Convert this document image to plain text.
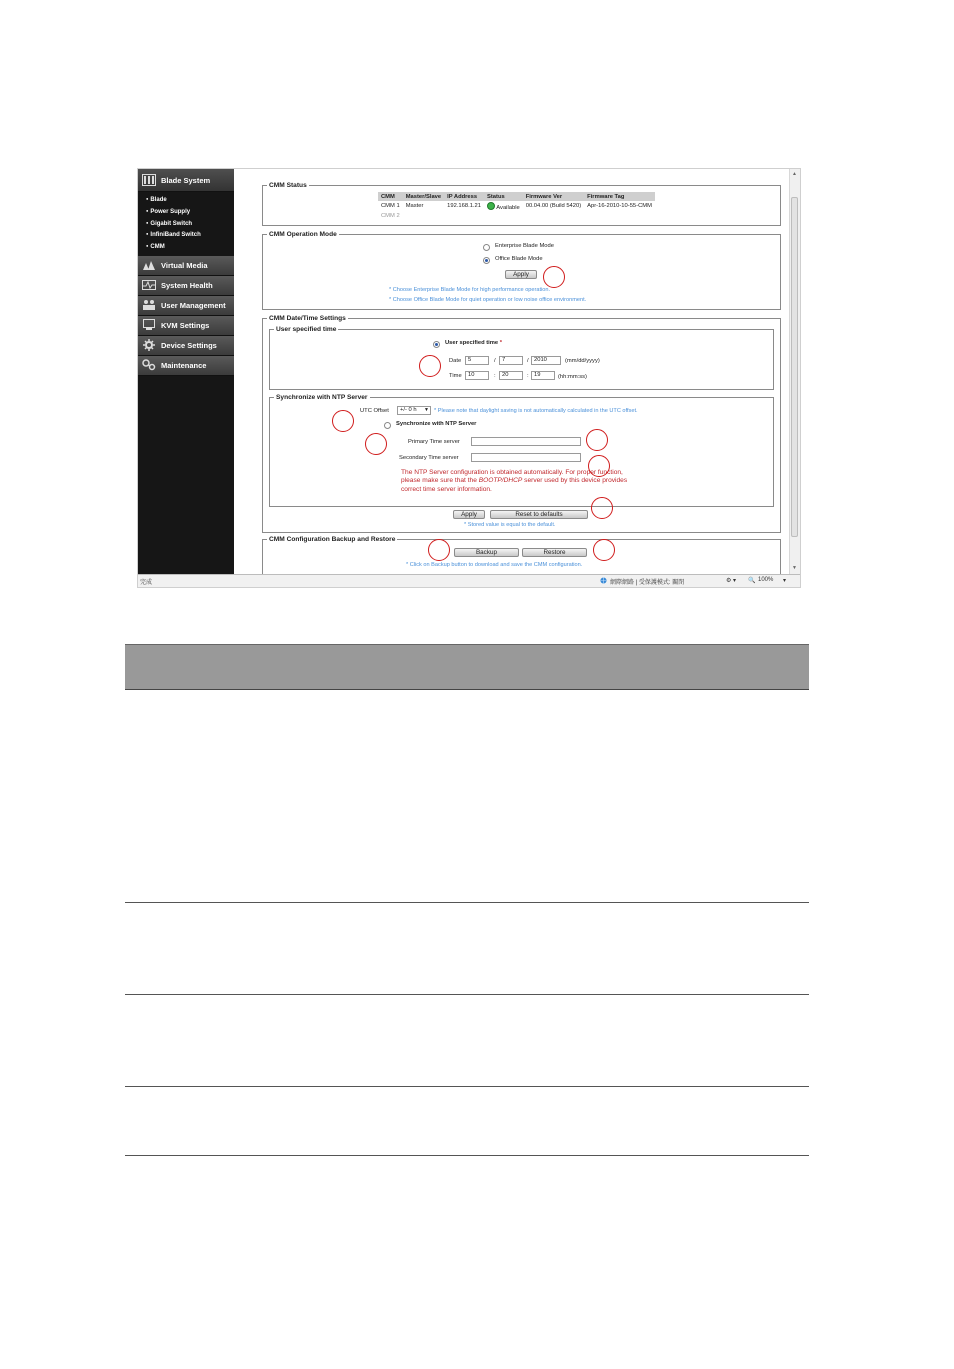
Blade System
● Blade
● Power Supply
● Gigabit Switch
● InfiniBand Switch
● CMM
Virtual Media
System Health
User Management
KVM Settings
Device Settings
Maintenance
CMM Status
CMM	Master/Slave	IP Address	Status	Firmware Ver	Firmware Tag
CMM 1	Master	192.168.1.21	Available	00.04.00 (Build 5420)	Apr-16-2010-10-55-CMM
CMM 2					
CMM Operation Mode
Enterprise Blade Mode
Office Blade Mode
Apply
* Choose Enterprise Blade Mode for high performance operation.
* Choose Office Blade Mode for quiet operation or low noise office environment.
CMM Date/Time Settings
User specified time
User specified time *
Date	5	/	7	/ 2010	(mm/dd/yyyy)
Time	10	:	20	: 19	(hh:mm:ss)
Synchronize with NTP Server
UTC Offset	+/- 0 h ▼ * Please note that daylight saving is not automatically calculated in the UTC offset.
Synchronize with NTP Server
Primary Time server
Secondary Time server
The NTP Server configuration is obtained automatically. For proper function, please make sure that the BOOTP/DHCP server used by this device provides correct time server information.
Apply	Reset to defaults
* Stored value is equal to the default.
CMM Configuration Backup and Restore
Backup	Restore
* Click on Backup button to download and save the CMM configuration.
▲
▼
完成	網際網路 | 受保護模式: 關閉	⚙ ▾ 🔍 100% ▾
